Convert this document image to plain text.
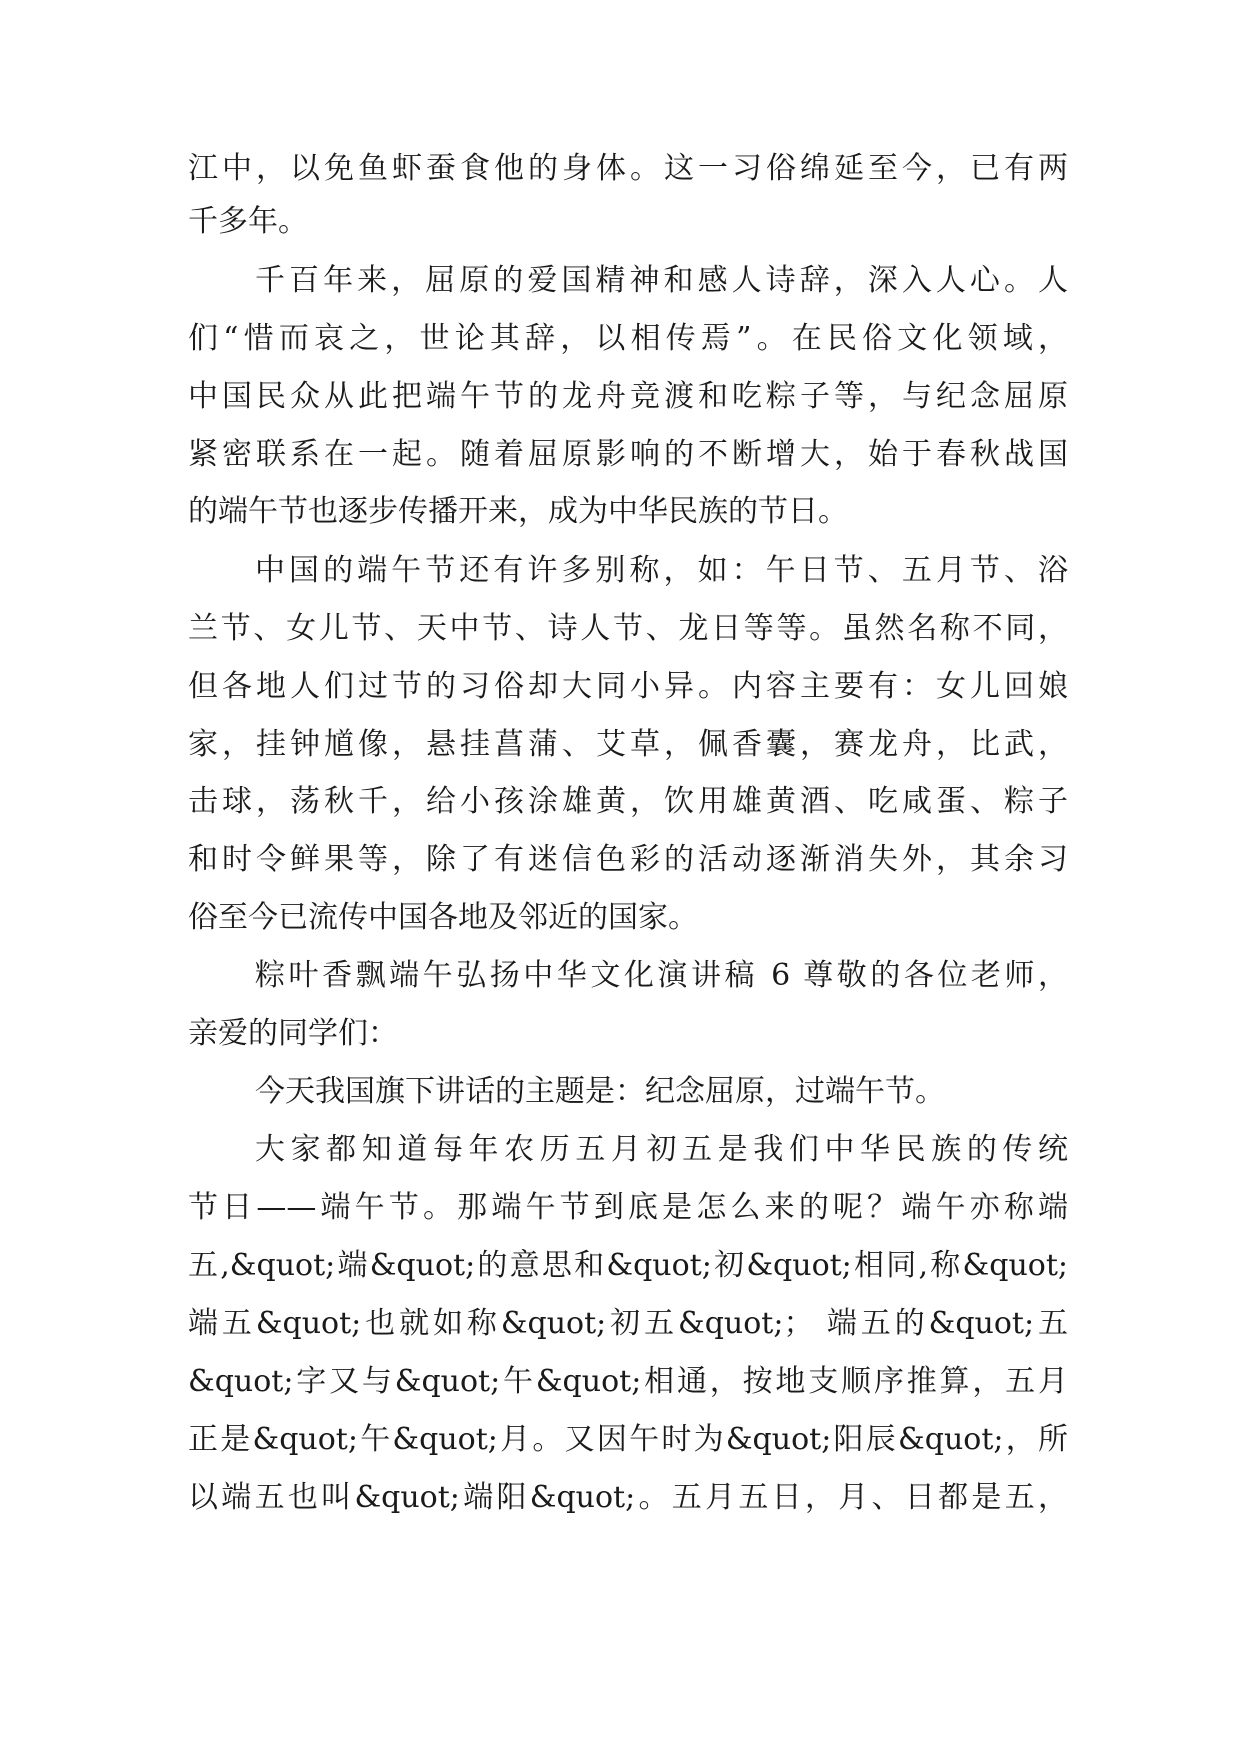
江中，以免鱼虾蚕食他的身体。这一习俗绵延至今，已有两
千多年。
千百年来，屈原的爱国精神和感人诗辞，深入人心。人
们“惜而哀之，世论其辞，以相传焉”。在民俗文化领域，
中国民众从此把端午节的龙舟竞渡和吃粽子等，与纪念屈原
紧密联系在一起。随着屈原影响的不断增大，始于春秋战国
的端午节也逐步传播开来，成为中华民族的节日。
中国的端午节还有许多别称，如：午日节、五月节、浴
兰节、女儿节、天中节、诗人节、龙日等等。虽然名称不同，
但各地人们过节的习俗却大同小异。内容主要有：女儿回娘
家，挂钟馗像，悬挂菖蒲、艾草，佩香囊，赛龙舟，比武，
击球，荡秋千，给小孩涂雄黄，饮用雄黄酒、吃咸蛋、粽子
和时令鲜果等，除了有迷信色彩的活动逐渐消失外，其余习
俗至今已流传中国各地及邻近的国家。
粽叶香飘端午弘扬中华文化演讲稿 6 尊敬的各位老师，
亲爱的同学们：
今天我国旗下讲话的主题是：纪念屈原，过端午节。
大家都知道每年农历五月初五是我们中华民族的传统
节日——端午节。那端午节到底是怎么来的呢？端午亦称端
五,&quot;端&quot;的意思和&quot;初&quot;相同,称&quot;
端五&quot;也就如称&quot;初五&quot;； 端五的&quot;五
&quot;字又与&quot;午&quot;相通，按地支顺序推算，五月
正是&quot;午&quot;月。又因午时为&quot;阳辰&quot;，所
以端五也叫&quot;端阳&quot;。五月五日，月、日都是五，
